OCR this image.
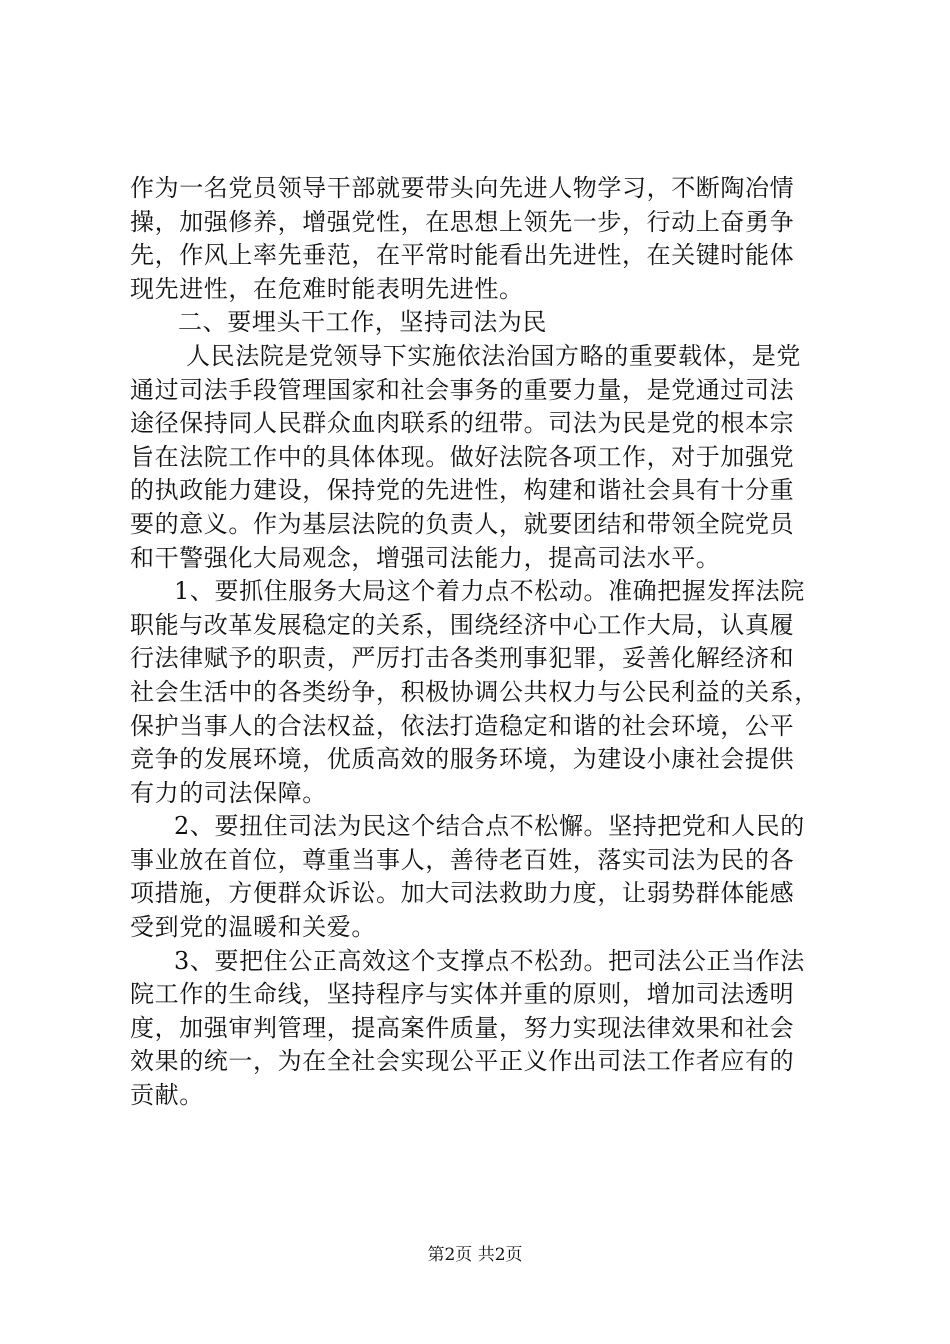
作为一名党员领导干部就要带头向先进人物学习，不断陶冶情
操，加强修养，增强党性，在思想上领先一步，行动上奋勇争
先，作风上率先垂范，在平常时能看出先进性，在关键时能体
现先进性，在危难时能表明先进性。
二、要埋头干工作，坚持司法为民
人民法院是党领导下实施依法治国方略的重要载体，是党
通过司法手段管理国家和社会事务的重要力量，是党通过司法
途径保持同人民群众血肉联系的纽带。司法为民是党的根本宗
旨在法院工作中的具体体现。做好法院各项工作，对于加强党
的执政能力建设，保持党的先进性，构建和谐社会具有十分重
要的意义。作为基层法院的负责人，就要团结和带领全院党员
和干警强化大局观念，增强司法能力，提高司法水平。
1、要抓住服务大局这个着力点不松动。准确把握发挥法院
职能与改革发展稳定的关系，围绕经济中心工作大局，认真履
行法律赋予的职责，严厉打击各类刑事犯罪，妥善化解经济和
社会生活中的各类纷争，积极协调公共权力与公民利益的关系，
保护当事人的合法权益，依法打造稳定和谐的社会环境，公平
竞争的发展环境，优质高效的服务环境，为建设小康社会提供
有力的司法保障。
2、要扭住司法为民这个结合点不松懈。坚持把党和人民的
事业放在首位，尊重当事人，善待老百姓，落实司法为民的各
项措施，方便群众诉讼。加大司法救助力度，让弱势群体能感
受到党的温暖和关爱。
3、要把住公正高效这个支撑点不松劲。把司法公正当作法
院工作的生命线，坚持程序与实体并重的原则，增加司法透明
度，加强审判管理，提高案件质量，努力实现法律效果和社会
效果的统一，为在全社会实现公平正义作出司法工作者应有的
贡献。
第2页 共2页
